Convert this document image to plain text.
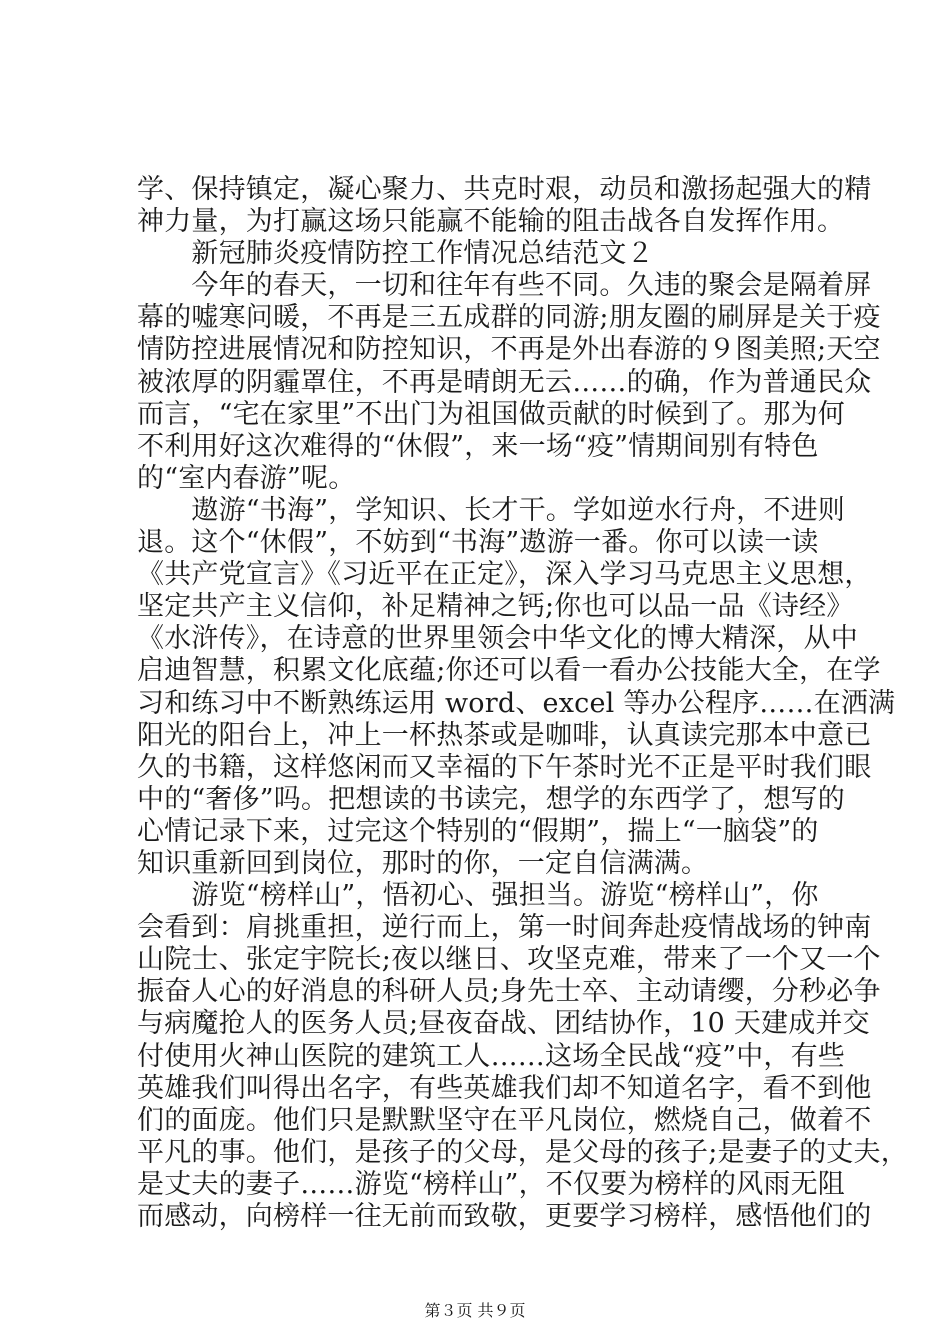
学、保持镇定，凝心聚力、共克时艰，动员和激扬起强大的精
神力量，为打赢这场只能赢不能输的阻击战各自发挥作用。
　　新冠肺炎疫情防控工作情况总结范文２
　　今年的春天，一切和往年有些不同。久违的聚会是隔着屏
幕的嘘寒问暖，不再是三五成群的同游;朋友圈的刷屏是关于疫
情防控进展情况和防控知识，不再是外出春游的９图美照;天空
被浓厚的阴霾罩住，不再是晴朗无云……的确，作为普通民众
而言，“宅在家里”不出门为祖国做贡献的时候到了。那为何
不利用好这次难得的“休假”，来一场“疫”情期间别有特色
的“室内春游”呢。
　　遨游“书海”，学知识、长才干。学如逆水行舟，不进则
退。这个“休假”，不妨到“书海”遨游一番。你可以读一读
《共产党宣言》《习近平在正定》，深入学习马克思主义思想，
坚定共产主义信仰，补足精神之钙;你也可以品一品《诗经》
《水浒传》，在诗意的世界里领会中华文化的博大精深，从中
启迪智慧，积累文化底蕴;你还可以看一看办公技能大全，在学
习和练习中不断熟练运用 word、excel 等办公程序……在洒满
阳光的阳台上，冲上一杯热茶或是咖啡，认真读完那本中意已
久的书籍，这样悠闲而又幸福的下午茶时光不正是平时我们眼
中的“奢侈”吗。把想读的书读完，想学的东西学了，想写的
心情记录下来，过完这个特别的“假期”，揣上“一脑袋”的
知识重新回到岗位，那时的你，一定自信满满。
　　游览“榜样山”，悟初心、强担当。游览“榜样山”，你
会看到：肩挑重担，逆行而上，第一时间奔赴疫情战场的钟南
山院士、张定宇院长;夜以继日、攻坚克难，带来了一个又一个
振奋人心的好消息的科研人员;身先士卒、主动请缨，分秒必争
与病魔抢人的医务人员;昼夜奋战、团结协作，10 天建成并交
付使用火神山医院的建筑工人……这场全民战“疫”中，有些
英雄我们叫得出名字，有些英雄我们却不知道名字，看不到他
们的面庞。他们只是默默坚守在平凡岗位，燃烧自己，做着不
平凡的事。他们，是孩子的父母，是父母的孩子;是妻子的丈夫，
是丈夫的妻子……游览“榜样山”，不仅要为榜样的风雨无阻
而感动，向榜样一往无前而致敬，更要学习榜样，感悟他们的
第３页 共９页
